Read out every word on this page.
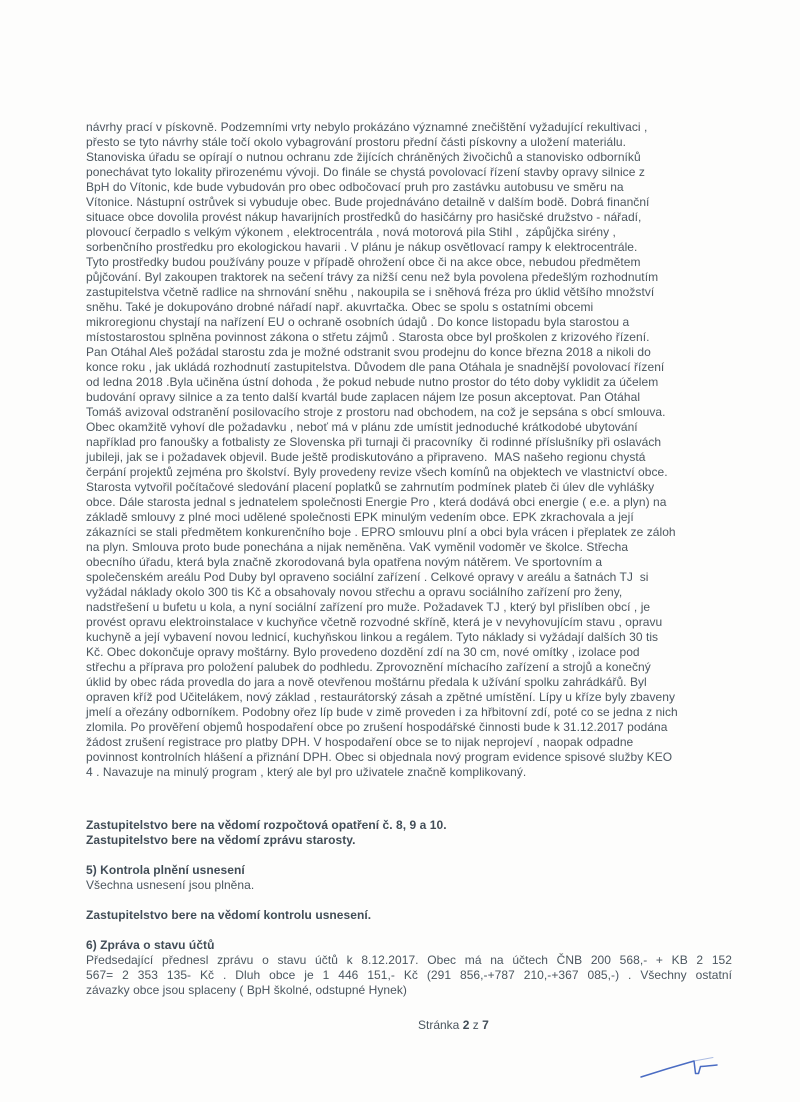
návrhy prací v pískovně. Podzemními vrty nebylo prokázáno významné znečištění vyžadující rekultivaci ,
přesto se tyto návrhy stále točí okolo vybagrování prostoru přední části pískovny a uložení materiálu.
Stanoviska úřadu se opírají o nutnou ochranu zde žijících chráněných živočichů a stanovisko odborníků
ponechávat tyto lokality přirozenému vývoji. Do finále se chystá povolovací řízení stavby opravy silnice z
BpH do Vítonic, kde bude vybudován pro obec odbočovací pruh pro zastávku autobusu ve směru na
Vítonice. Nástupní ostrůvek si vybuduje obec. Bude projednáváno detailně v dalším bodě. Dobrá finanční
situace obce dovolila provést nákup havarijních prostředků do hasičárny pro hasičské družstvo - nářadí,
plovoucí čerpadlo s velkým výkonem , elektrocentrála , nová motorová pila Stihl ,  zápůjčka sirény ,
sorbenčního prostředku pro ekologickou havarii . V plánu je nákup osvětlovací rampy k elektrocentrále.
Tyto prostředky budou používány pouze v případě ohrožení obce či na akce obce, nebudou předmětem
půjčování. Byl zakoupen traktorek na sečení trávy za nižší cenu než byla povolena předešlým rozhodnutím
zastupitelstva včetně radlice na shrnování sněhu , nakoupila se i sněhová fréza pro úklid většího množství
sněhu. Také je dokupováno drobné nářadí např. akuvrtačka. Obec se spolu s ostatními obcemi
mikroregionu chystají na nařízení EU o ochraně osobních údajů . Do konce listopadu byla starostou a
místostarostou splněna povinnost zákona o střetu zájmů . Starosta obce byl proškolen z krizového řízení.
Pan Otáhal Aleš požádal starostu zda je možné odstranit svou prodejnu do konce března 2018 a nikoli do
konce roku , jak ukládá rozhodnutí zastupitelstva. Důvodem dle pana Otáhala je snadnější povolovací řízení
od ledna 2018 .Byla učiněna ústní dohoda , že pokud nebude nutno prostor do této doby vyklidit za účelem
budování opravy silnice a za tento další kvartál bude zaplacen nájem lze posun akceptovat. Pan Otáhal
Tomáš avizoval odstranění posilovacího stroje z prostoru nad obchodem, na což je sepsána s obcí smlouva.
Obec okamžitě vyhoví dle požadavku , neboť má v plánu zde umístit jednoduché krátkodobé ubytování
například pro fanoušky a fotbalisty ze Slovenska při turnaji či pracovníky  či rodinné příslušníky při oslavách
jubileji, jak se i požadavek objevil. Bude ještě prodiskutováno a připraveno.  MAS našeho regionu chystá
čerpání projektů zejména pro školství. Byly provedeny revize všech komínů na objektech ve vlastnictví obce.
Starosta vytvořil počítačové sledování placení poplatků se zahrnutím podmínek plateb či úlev dle vyhlášky
obce. Dále starosta jednal s jednatelem společnosti Energie Pro , která dodává obci energie ( e.e. a plyn) na
základě smlouvy z plné moci udělené společnosti EPK minulým vedením obce. EPK zkrachovala a její
zákazníci se stali předmětem konkurenčního boje . EPRO smlouvu plní a obci byla vrácen i přeplatek ze záloh
na plyn. Smlouva proto bude ponechána a nijak neměněna. VaK vyměnil vodoměr ve školce. Střecha
obecního úřadu, která byla značně zkorodovaná byla opatřena novým nátěrem. Ve sportovním a
společenském areálu Pod Duby byl opraveno sociální zařízení . Celkové opravy v areálu a šatnách TJ  si
vyžádal náklady okolo 300 tis Kč a obsahovaly novou střechu a opravu sociálního zařízení pro ženy,
nadstřešení u bufetu u kola, a nyní sociální zařízení pro muže. Požadavek TJ , který byl přislíben obcí , je
provést opravu elektroinstalace v kuchyňce včetně rozvodné skříně, která je v nevyhovujícím stavu , opravu
kuchyně a její vybavení novou lednicí, kuchyňskou linkou a regálem. Tyto náklady si vyžádají dalších 30 tis
Kč. Obec dokončuje opravy moštárny. Bylo provedeno dozdění zdí na 30 cm, nové omítky , izolace pod
střechu a příprava pro položení palubek do podhledu. Zprovoznění míchacího zařízení a strojů a konečný
úklid by obec ráda provedla do jara a nově otevřenou moštárnu předala k užívání spolku zahrádkářů. Byl
opraven kříž pod Učitelákem, nový základ , restaurátorský zásah a zpětné umístění. Lípy u kříze byly zbaveny
jmelí a ořezány odborníkem. Podobny ořez líp bude v zimě proveden i za hřbitovní zdí, poté co se jedna z nich
zlomila. Po prověření objemů hospodaření obce po zrušení hospodářské činnosti bude k 31.12.2017 podána
žádost zrušení registrace pro platby DPH. V hospodaření obce se to nijak neprojeví , naopak odpadne
povinnost kontrolních hlášení a přiznání DPH. Obec si objednala nový program evidence spisové služby KEO
4 . Navazuje na minulý program , který ale byl pro uživatele značně komplikovaný.
Zastupitelstvo bere na vědomí rozpočtová opatření č. 8, 9 a 10.
Zastupitelstvo bere na vědomí zprávu starosty.
5) Kontrola plnění usnesení
Všechna usnesení jsou plněna.
Zastupitelstvo bere na vědomí kontrolu usnesení.
6) Zpráva o stavu účtů
Předsedající přednesl zprávu o stavu účtů k 8.12.2017. Obec má na účtech ČNB 200 568,- + KB 2 152
567= 2 353 135- Kč . Dluh obce je 1 446 151,- Kč (291 856,-+787 210,-+367 085,-) . Všechny ostatní
závazky obce jsou splaceny ( BpH školné, odstupné Hynek)
Stránka 2 z 7
